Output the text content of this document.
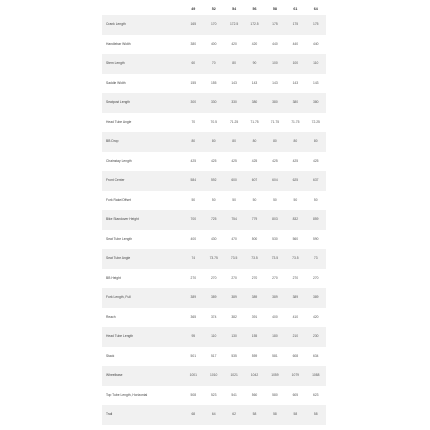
	49	52	54	56	58	61	64
Crank Length	165	170	172.5	172.5	175	175	175
Handlebar Width	380	400	420	420	440	440	440
Stem Length	60	70	80	90	100	100	110
Saddle Width	155	155	143	143	143	143	143
Seatpost Length	300	330	330	380	380	380	380
Head Tube Angle	70	70.5	71.25	71.75	71.75	71.75	72.25
BB Drop	80	80	80	80	80	80	80
Chainstay Length	425	425	425	425	425	425	425
Front Center	584	592	600	607	604	625	637
Fork Rake/Offset	50	50	50	50	50	50	50
Bike Standover Height	700	725	754	779	803	832	859
Seat Tube Length	400	430	470	500	530	560	590
Seat Tube Angle	74	73.75	73.5	73.5	73.5	73.5	73
BB Height	270	270	270	270	270	270	270
Fork Length, Full	389	389	389	389	389	389	389
Reach	365	374	382	391	400	410	420
Head Tube Length	95	110	130	155	180	210	230
Stack	501	517	535	559	581	608	634
Wheelbase	1001	1010	1021	1042	1059	1079	1088
Top Tube Length, Horizontal	508	523	541	560	580	605	623
Trail	68	64	62	58	58	58	58
